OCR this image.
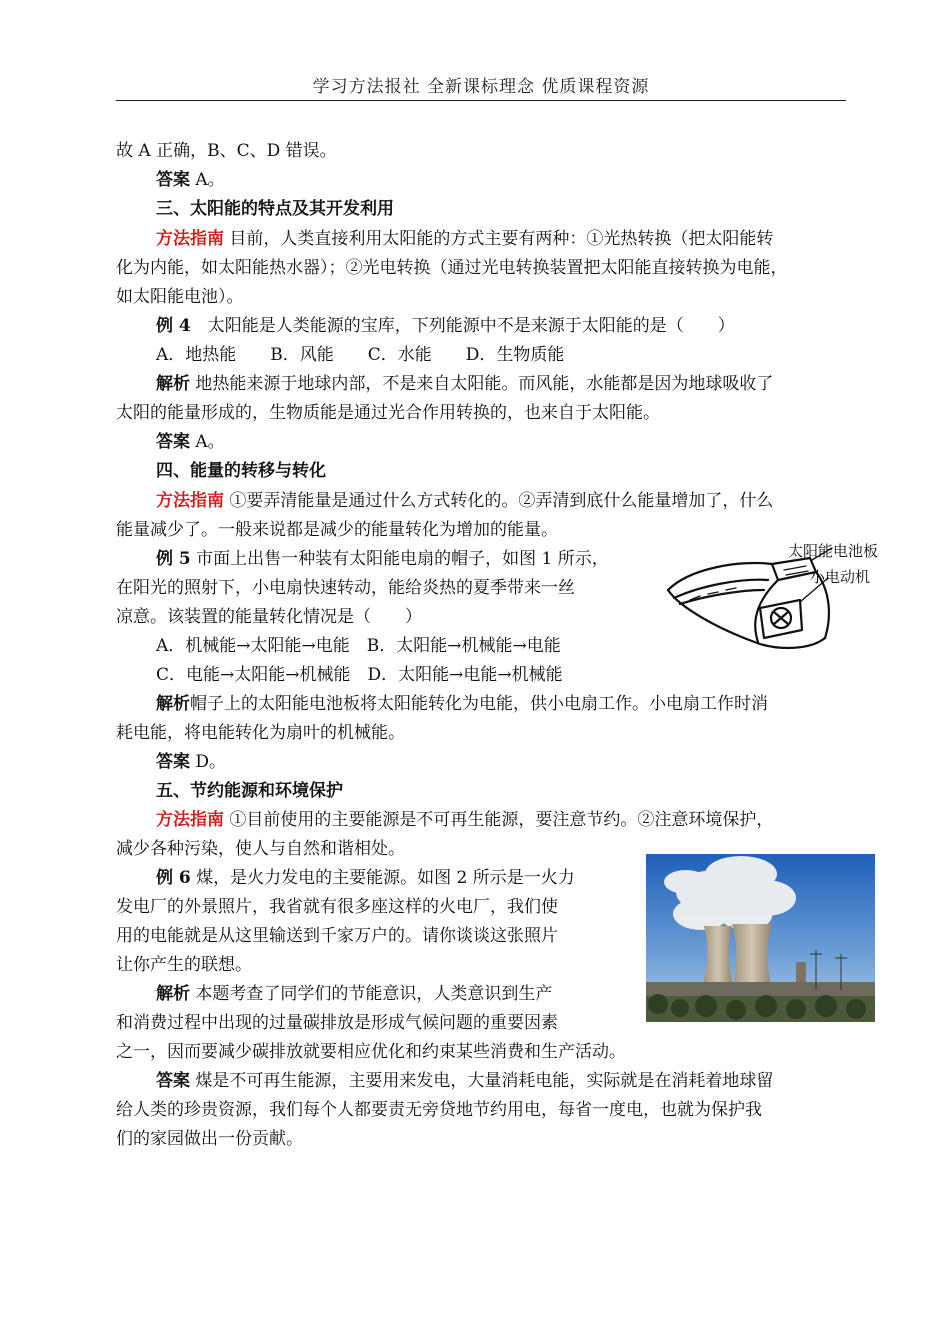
学习方法报社 全新课标理念 优质课程资源
故 A 正确，B、C、D 错误。
答案 A。
三、太阳能的特点及其开发利用
方法指南 目前，人类直接利用太阳能的方式主要有两种：①光热转换（把太阳能转
化为内能，如太阳能热水器）；②光电转换（通过光电转换装置把太阳能直接转换为电能，
如太阳能电池）。
例 4　 太阳能是人类能源的宝库，下列能源中不是来源于太阳能的是（　　）
A．地热能　　B．风能　　C．水能　　D．生物质能
解析 地热能来源于地球内部，不是来自太阳能。而风能，水能都是因为地球吸收了
太阳的能量形成的，生物质能是通过光合作用转换的，也来自于太阳能。
答案 A。
四、能量的转移与转化
方法指南 ①要弄清能量是通过什么方式转化的。②弄清到底什么能量增加了，什么
能量减少了。一般来说都是减少的能量转化为增加的能量。
例 5 市面上出售一种装有太阳能电扇的帽子，如图 1 所示，
在阳光的照射下，小电扇快速转动，能给炎热的夏季带来一丝
凉意。该装置的能量转化情况是（　　）
A．机械能→太阳能→电能　B．太阳能→机械能→电能
C．电能→太阳能→机械能　D．太阳能→电能→机械能
解析帽子上的太阳能电池板将太阳能转化为电能，供小电扇工作。小电扇工作时消
耗电能，将电能转化为扇叶的机械能。
答案 D。
五、节约能源和环境保护
方法指南 ①目前使用的主要能源是不可再生能源，要注意节约。②注意环境保护，
减少各种污染，使人与自然和谐相处。
例 6 煤，是火力发电的主要能源。如图 2 所示是一火力
发电厂的外景照片，我省就有很多座这样的火电厂，我们使
用的电能就是从这里输送到千家万户的。请你谈谈这张照片
让你产生的联想。
解析 本题考查了同学们的节能意识，人类意识到生产
和消费过程中出现的过量碳排放是形成气候问题的重要因素
之一，因而要减少碳排放就要相应优化和约束某些消费和生产活动。
答案 煤是不可再生能源，主要用来发电，大量消耗电能，实际就是在消耗着地球留
给人类的珍贵资源，我们每个人都要责无旁贷地节约用电，每省一度电，也就为保护我
们的家园做出一份贡献。
太阳能电池板
小电动机
